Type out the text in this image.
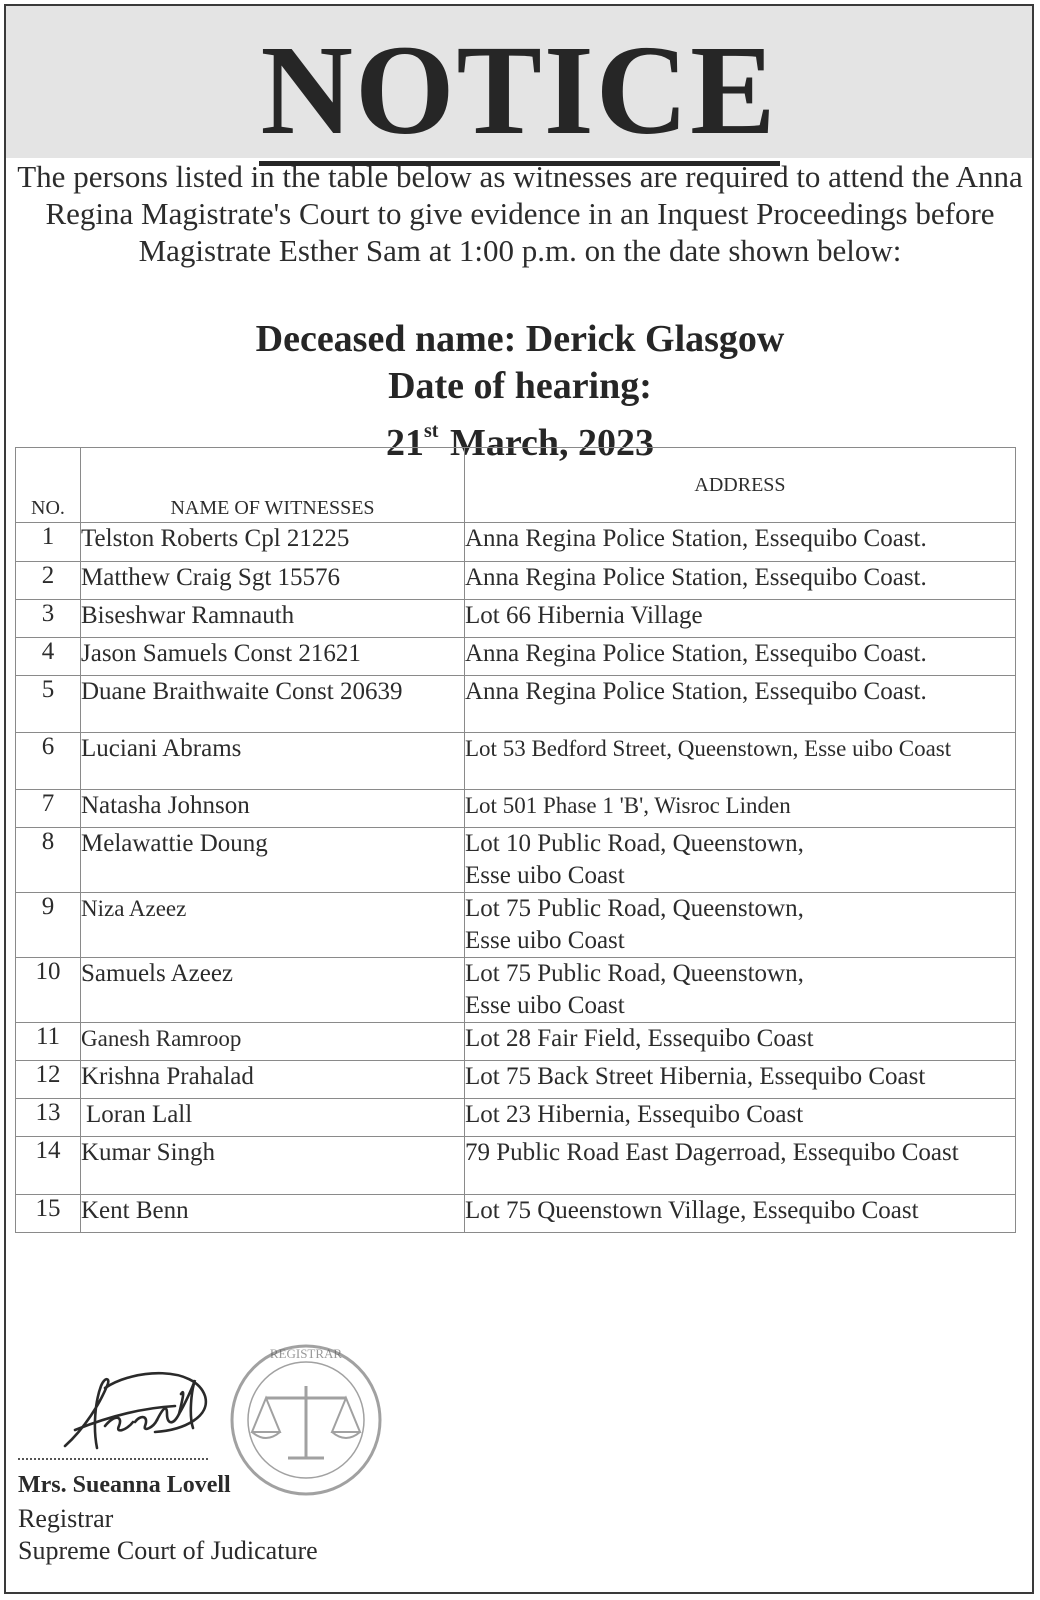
NOTICE
The persons listed in the table below as witnesses are required to attend the Anna Regina Magistrate's Court to give evidence in an Inquest Proceedings before Magistrate Esther Sam at 1:00 p.m. on the date shown below:
Deceased name: Derick Glasgow
Date of hearing:
21st March, 2023
NO.	NAME OF WITNESSES	ADDRESS

1	Telston Roberts Cpl 21225	Anna Regina Police Station, Essequibo Coast.
2	Matthew Craig Sgt 15576	Anna Regina Police Station, Essequibo Coast.
3	Biseshwar Ramnauth	Lot 66 Hibernia Village
4	Jason Samuels Const 21621	Anna Regina Police Station, Essequibo Coast.
5	Duane Braithwaite Const 20639	Anna Regina Police Station, Essequibo Coast.
6	Luciani Abrams	Lot 53 Bedford Street, Queenstown, Esse uibo Coast
7	Natasha Johnson	Lot 501 Phase 1 'B', Wisroc Linden
8	Melawattie Doung	Lot 10 Public Road, Queenstown,
Esse uibo Coast

9	Niza Azeez	Lot 75 Public Road, Queenstown,
Esse uibo Coast

10	Samuels Azeez	Lot 75 Public Road, Queenstown,
Esse uibo Coast

11	Ganesh Ramroop	Lot 28 Fair Field, Essequibo Coast
12	Krishna Prahalad	Lot 75 Back Street Hibernia, Essequibo Coast
13	Loran Lall	Lot 23 Hibernia, Essequibo Coast
14	Kumar Singh	79 Public Road East Dagerroad, Essequibo Coast
15	Kent Benn	Lot 75 Queenstown Village, Essequibo Coast
REGISTRAR
Mrs. Sueanna Lovell
Registrar
Supreme Court of Judicature
